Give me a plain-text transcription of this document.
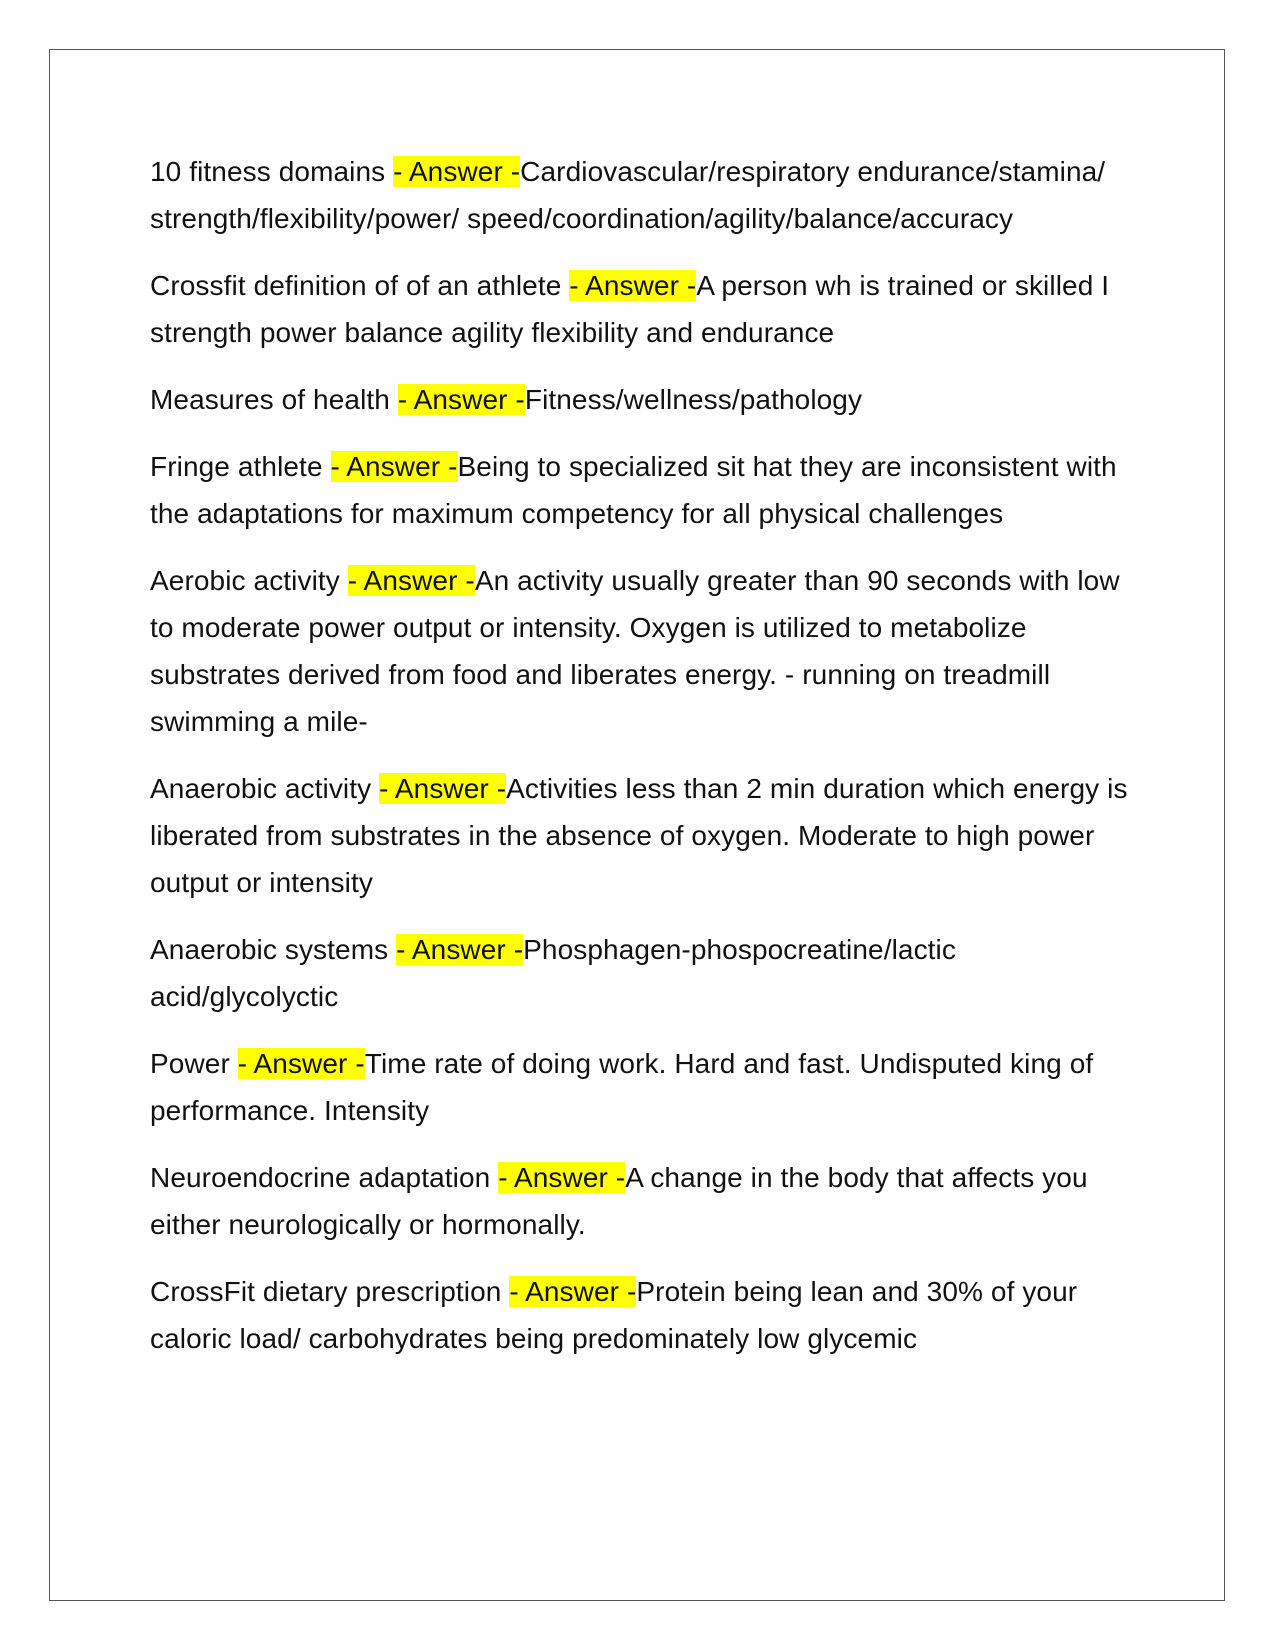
10 fitness domains - Answer -Cardiovascular/respiratory endurance/stamina/ strength/flexibility/power/ speed/coordination/agility/balance/accuracy

Crossfit definition of of an athlete - Answer -A person wh is trained or skilled I strength power balance agility flexibility and endurance

Measures of health - Answer -Fitness/wellness/pathology

Fringe athlete - Answer -Being to specialized sit hat they are inconsistent with the adaptations for maximum competency for all physical challenges

Aerobic activity - Answer -An activity usually greater than 90 seconds with low to moderate power output or intensity. Oxygen is utilized to metabolize substrates derived from food and liberates energy. - running on treadmill swimming a mile-

Anaerobic activity - Answer -Activities less than 2 min duration which energy is liberated from substrates in the absence of oxygen. Moderate to high power output or intensity

Anaerobic systems - Answer -Phosphagen-phospocreatine/lactic acid/glycolyctic

Power - Answer -Time rate of doing work. Hard and fast. Undisputed king of performance. Intensity

Neuroendocrine adaptation - Answer -A change in the body that affects you either neurologically or hormonally.

CrossFit dietary prescription - Answer -Protein being lean and 30% of your caloric load/ carbohydrates being predominately low glycemic
